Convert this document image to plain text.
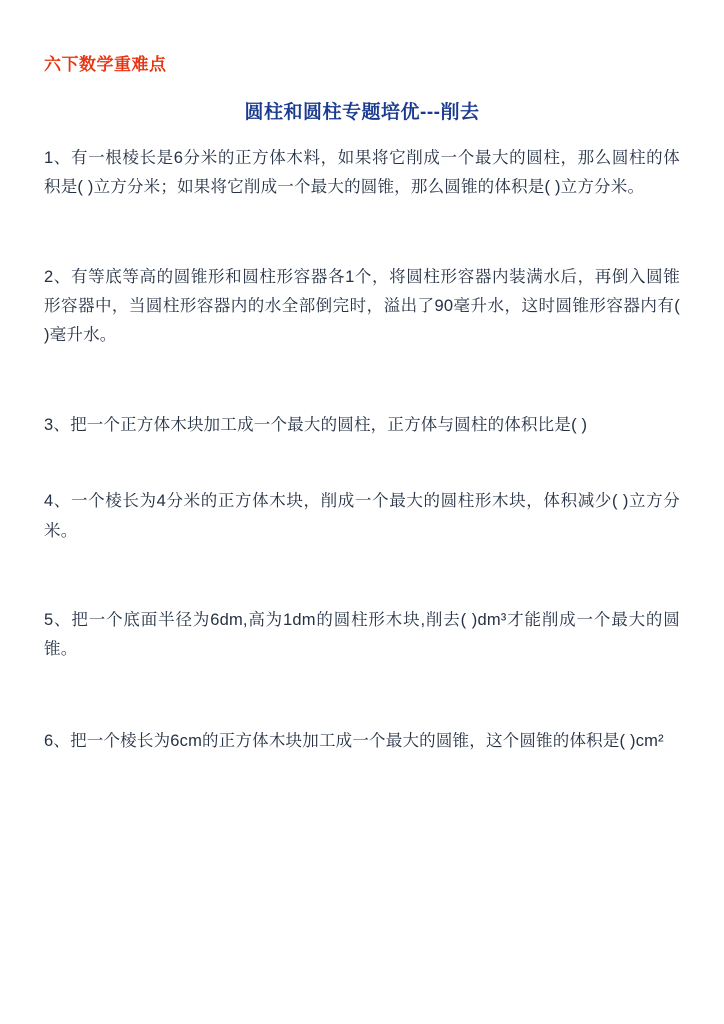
六下数学重难点
圆柱和圆柱专题培优---削去
1、有一根棱长是6分米的正方体木料，如果将它削成一个最大的圆柱，那么圆柱的体积是( )立方分米；如果将它削成一个最大的圆锥，那么圆锥的体积是( )立方分米。
2、有等底等高的圆锥形和圆柱形容器各1个，将圆柱形容器内装满水后，再倒入圆锥形容器中，当圆柱形容器内的水全部倒完时，溢出了90毫升水，这时圆锥形容器内有( )毫升水。
3、把一个正方体木块加工成一个最大的圆柱，正方体与圆柱的体积比是( )
4、一个棱长为4分米的正方体木块，削成一个最大的圆柱形木块，体积减少( )立方分米。
5、把一个底面半径为6dm,高为1dm的圆柱形木块,削去( )dm³才能削成一个最大的圆锥。
6、把一个棱长为6cm的正方体木块加工成一个最大的圆锥，这个圆锥的体积是( )cm²
